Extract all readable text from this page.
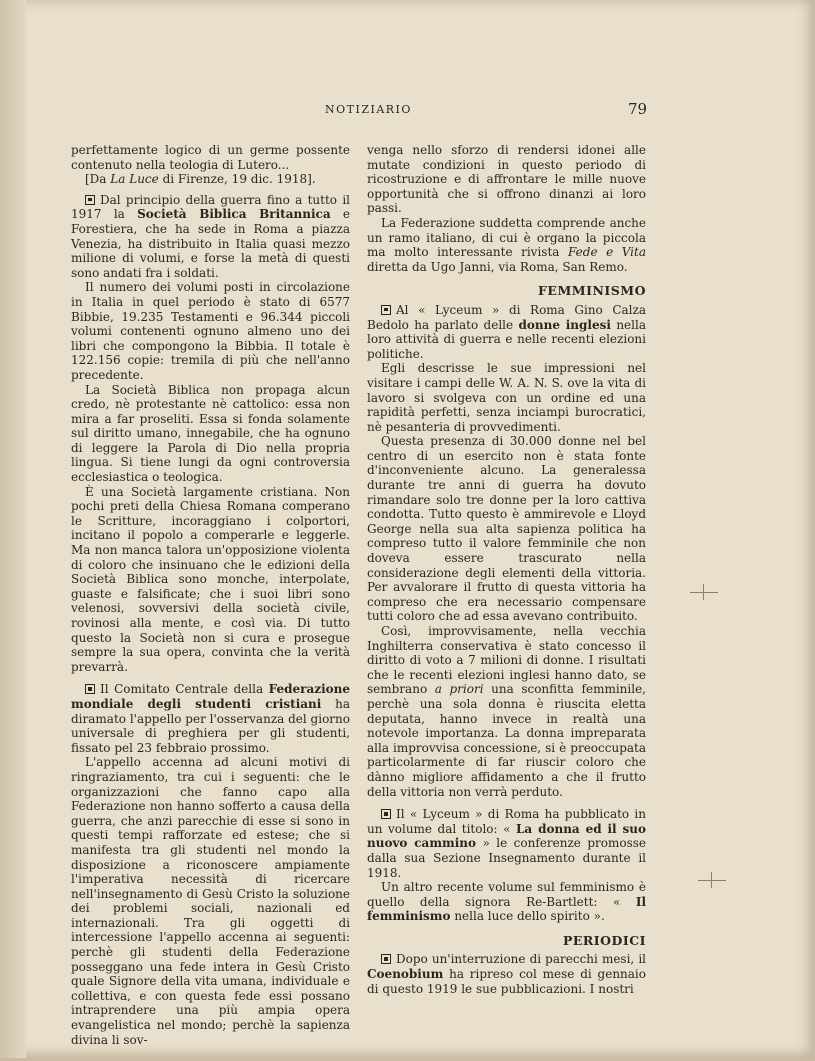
NOTIZIARIO	79

perfettamente logico di un germe possente contenuto nella teologia di Lutero...

[Da La Luce di Firenze, 19 dic. 1918].

Dal principio della guerra fino a tutto il 1917 la Società Biblica Britannica e Forestiera, che ha sede in Roma a piazza Venezia, ha distribuito in Italia quasi mezzo milione di volumi, e forse la metà di questi sono andati fra i soldati.

Il numero dei volumi posti in circolazione in Italia in quel periodo è stato di 6577 Bibbie, 19.235 Testamenti e 96.344 piccoli volumi contenenti ognuno almeno uno dei libri che compongono la Bibbia. Il totale è 122.156 copie: tremila di più che nell'anno precedente.

La Società Biblica non propaga alcun credo, nè protestante nè cattolico: essa non mira a far proseliti. Essa si fonda solamente sul diritto umano, innegabile, che ha ognuno di leggere la Parola di Dio nella propria lingua. Si tiene lungi da ogni controversia ecclesiastica o teologica.

È una Società largamente cristiana. Non pochi preti della Chiesa Romana comperano le Scritture, incoraggiano i colportori, incitano il popolo a comperarle e leggerle. Ma non manca talora un'opposizione violenta di coloro che insinuano che le edizioni della Società Biblica sono monche, interpolate, guaste e falsificate; che i suoi libri sono velenosi, sovversivi della società civile, rovinosi alla mente, e così via. Di tutto questo la Società non si cura e prosegue sempre la sua opera, convinta che la verità prevarrà.

Il Comitato Centrale della Federazione mondiale degli studenti cristiani ha diramato l'appello per l'osservanza del giorno universale di preghiera per gli studenti, fissato pel 23 febbraio prossimo.

L'appello accenna ad alcuni motivi di ringraziamento, tra cui i seguenti: che le organizzazioni che fanno capo alla Federazione non hanno sofferto a causa della guerra, che anzi parecchie di esse si sono in questi tempi rafforzate ed estese; che si manifesta tra gli studenti nel mondo la disposizione a riconoscere ampiamente l'imperativa necessità di ricercare nell'insegnamento di Gesù Cristo la soluzione dei problemi sociali, nazionali ed internazionali. Tra gli oggetti di intercessione l'appello accenna ai seguenti: perchè gli studenti della Federazione posseggano una fede intera in Gesù Cristo quale Signore della vita umana, individuale e collettiva, e con questa fede essi possano intraprendere una più ampia opera evangelistica nel mondo; perchè la sapienza divina li sov-

venga nello sforzo di rendersi idonei alle mutate condizioni in questo periodo di ricostruzione e di affrontare le mille nuove opportunità che si offrono dinanzi ai loro passi.

La Federazione suddetta comprende anche un ramo italiano, di cui è organo la piccola ma molto interessante rivista Fede e Vita diretta da Ugo Janni, via Roma, San Remo.

FEMMINISMO

Al « Lyceum » di Roma Gino Calza Bedolo ha parlato delle donne inglesi nella loro attività di guerra e nelle recenti elezioni politiche.

Egli descrisse le sue impressioni nel visitare i campi delle W. A. N. S. ove la vita di lavoro si svolgeva con un ordine ed una rapidità perfetti, senza inciampi burocratici, nè pesanteria di provvedimenti.

Questa presenza di 30.000 donne nel bel centro di un esercito non è stata fonte d'inconveniente alcuno. La generalessa durante tre anni di guerra ha dovuto rimandare solo tre donne per la loro cattiva condotta. Tutto questo è ammirevole e Lloyd George nella sua alta sapienza politica ha compreso tutto il valore femminile che non doveva essere trascurato nella considerazione degli elementi della vittoria. Per avvalorare il frutto di questa vittoria ha compreso che era necessario compensare tutti coloro che ad essa avevano contribuito.

Così, improvvisamente, nella vecchia Inghilterra conservativa è stato concesso il diritto di voto a 7 milioni di donne. I risultati che le recenti elezioni inglesi hanno dato, se sembrano a priori una sconfitta femminile, perchè una sola donna è riuscita eletta deputata, hanno invece in realtà una notevole importanza. La donna impreparata alla improvvisa concessione, si è preoccupata particolarmente di far riuscir coloro che dànno migliore affidamento a che il frutto della vittoria non verrà perduto.

Il « Lyceum » di Roma ha pubblicato in un volume dal titolo: « La donna ed il suo nuovo cammino » le conferenze promosse dalla sua Sezione Insegnamento durante il 1918.

Un altro recente volume sul femminismo è quello della signora Re-Bartlett: « Il femminismo nella luce dello spirito ».

PERIODICI

Dopo un'interruzione di parecchi mesi, il Coenobium ha ripreso col mese di gennaio di questo 1919 le sue pubblicazioni. I nostri
